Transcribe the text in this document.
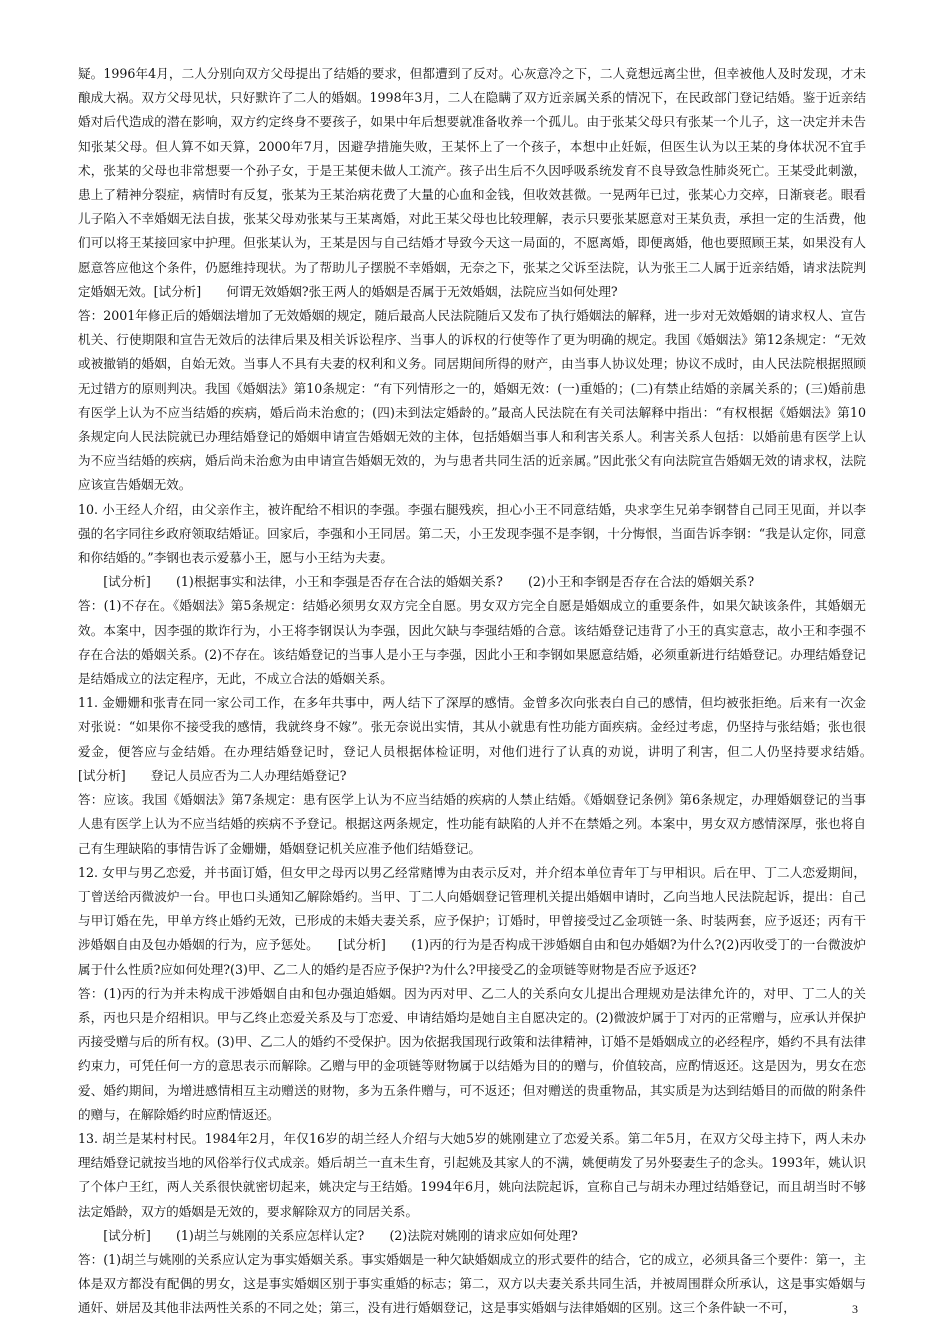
疑。1996年4月，二人分别向双方父母提出了结婚的要求，但都遭到了反对。心灰意冷之下，二人竟想远离尘世，但幸被他人及时发现，才未酿成大祸。双方父母见状，只好默许了二人的婚姻。1998年3月，二人在隐瞒了双方近亲属关系的情况下，在民政部门登记结婚。鉴于近亲结婚对后代造成的潜在影响，双方约定终身不要孩子，如果中年后想要就准备收养一个孤儿。由于张某父母只有张某一个儿子，这一决定并未告知张某父母。但人算不如天算，2000年7月，因避孕措施失败，王某怀上了一个孩子，本想中止妊娠，但医生认为以王某的身体状况不宜手术，张某的父母也非常想要一个孙子女，于是王某便未做人工流产。孩子出生后不久因呼吸系统发育不良导致急性肺炎死亡。王某受此刺激，患上了精神分裂症，病情时有反复，张某为王某治病花费了大量的心血和金钱，但收效甚微。一晃两年已过，张某心力交瘁，日渐衰老。眼看儿子陷入不幸婚姻无法自拔，张某父母劝张某与王某离婚，对此王某父母也比较理解，表示只要张某愿意对王某负责，承担一定的生活费，他们可以将王某接回家中护理。但张某认为，王某是因与自己结婚才导致今天这一局面的，不愿离婚，即便离婚，他也要照顾王某，如果没有人愿意答应他这个条件，仍愿维持现状。为了帮助儿子摆脱不幸婚姻，无奈之下，张某之父诉至法院，认为张王二人属于近亲结婚，请求法院判定婚姻无效。[试分析]　　何谓无效婚姻?张王两人的婚姻是否属于无效婚姻，法院应当如何处理?

答：2001年修正后的婚姻法增加了无效婚姻的规定，随后最高人民法院随后又发布了执行婚姻法的解释，进一步对无效婚姻的请求权人、宣告机关、行使期限和宣告无效后的法律后果及相关诉讼程序、当事人的诉权的行使等作了更为明确的规定。我国《婚姻法》第12条规定：“无效或被撤销的婚姻，自始无效。当事人不具有夫妻的权利和义务。同居期间所得的财产，由当事人协议处理；协议不成时，由人民法院根据照顾无过错方的原则判决。我国《婚姻法》第10条规定：“有下列情形之一的，婚姻无效：(一)重婚的；(二)有禁止结婚的亲属关系的；(三)婚前患有医学上认为不应当结婚的疾病，婚后尚未治愈的；(四)未到法定婚龄的。”最高人民法院在有关司法解释中指出：“有权根据《婚姻法》第10条规定向人民法院就已办理结婚登记的婚姻申请宣告婚姻无效的主体，包括婚姻当事人和利害关系人。利害关系人包括：以婚前患有医学上认为不应当结婚的疾病，婚后尚未治愈为由申请宣告婚姻无效的，为与患者共同生活的近亲属。”因此张父有向法院宣告婚姻无效的请求权，法院应该宣告婚姻无效。

10. 小王经人介绍，由父亲作主，被许配给不相识的李强。李强右腿残疾，担心小王不同意结婚，央求孪生兄弟李钢替自己同王见面，并以李强的名字同往乡政府领取结婚证。回家后，李强和小王同居。第二天，小王发现李强不是李钢，十分悔恨，当面告诉李钢：“我是认定你，同意和你结婚的。”李钢也表示爱慕小王，愿与小王结为夫妻。

[试分析]　　(1)根据事实和法律，小王和李强是否存在合法的婚姻关系?　　(2)小王和李钢是否存在合法的婚姻关系?

答：(1)不存在。《婚姻法》第5条规定：结婚必须男女双方完全自愿。男女双方完全自愿是婚姻成立的重要条件，如果欠缺该条件，其婚姻无效。本案中，因李强的欺诈行为，小王将李钢误认为李强，因此欠缺与李强结婚的合意。该结婚登记违背了小王的真实意志，故小王和李强不存在合法的婚姻关系。(2)不存在。该结婚登记的当事人是小王与李强，因此小王和李钢如果愿意结婚，必须重新进行结婚登记。办理结婚登记是结婚成立的法定程序，无此，不成立合法的婚姻关系。

11. 金姗姗和张青在同一家公司工作，在多年共事中，两人结下了深厚的感情。金曾多次向张表白自己的感情，但均被张拒绝。后来有一次金对张说：“如果你不接受我的感情，我就终身不嫁”。张无奈说出实情，其从小就患有性功能方面疾病。金经过考虑，仍坚持与张结婚；张也很爱金，便答应与金结婚。在办理结婚登记时，登记人员根据体检证明，对他们进行了认真的劝说，讲明了利害，但二人仍坚持要求结婚。　　[试分析]　　登记人员应否为二人办理结婚登记?

答：应该。我国《婚姻法》第7条规定：患有医学上认为不应当结婚的疾病的人禁止结婚。《婚姻登记条例》第6条规定，办理婚姻登记的当事人患有医学上认为不应当结婚的疾病不予登记。根据这两条规定，性功能有缺陷的人并不在禁婚之列。本案中，男女双方感情深厚，张也将自己有生理缺陷的事情告诉了金姗姗，婚姻登记机关应准予他们结婚登记。

12. 女甲与男乙恋爱，并书面订婚，但女甲之母丙以男乙经常赌博为由表示反对，并介绍本单位青年丁与甲相识。后在甲、丁二人恋爱期间，丁曾送给丙微波炉一台。甲也口头通知乙解除婚约。当甲、丁二人向婚姻登记管理机关提出婚姻申请时，乙向当地人民法院起诉，提出：自己与甲订婚在先，甲单方终止婚约无效，已形成的未婚夫妻关系，应予保护；订婚时，甲曾接受过乙金项链一条、时装两套，应予返还；丙有干涉婚姻自由及包办婚姻的行为，应予惩处。　　[试分析]　　(1)丙的行为是否构成干涉婚姻自由和包办婚姻?为什么?(2)丙收受丁的一台微波炉属于什么性质?应如何处理?(3)甲、乙二人的婚约是否应予保护?为什么?甲接受乙的金项链等财物是否应予返还?

答：(1)丙的行为并未构成干涉婚姻自由和包办强迫婚姻。因为丙对甲、乙二人的关系向女儿提出合理规劝是法律允许的，对甲、丁二人的关系，丙也只是介绍相识。甲与乙终止恋爱关系及与丁恋爱、申请结婚均是她自主自愿决定的。(2)微波炉属于丁对丙的正常赠与，应承认并保护丙接受赠与后的所有权。(3)甲、乙二人的婚约不受保护。因为依据我国现行政策和法律精神，订婚不是婚姻成立的必经程序，婚约不具有法律约束力，可凭任何一方的意思表示而解除。乙赠与甲的金项链等财物属于以结婚为目的的赠与，价值较高，应酌情返还。这是因为，男女在恋爱、婚约期间，为增进感情相互主动赠送的财物，多为五条件赠与，可不返还；但对赠送的贵重物品，其实质是为达到结婚目的而做的附条件的赠与，在解除婚约时应酌情返还。

13. 胡兰是某村村民。1984年2月，年仅16岁的胡兰经人介绍与大她5岁的姚刚建立了恋爱关系。第二年5月，在双方父母主持下，两人未办理结婚登记就按当地的风俗举行仪式成亲。婚后胡兰一直未生育，引起姚及其家人的不满，姚便萌发了另外娶妻生子的念头。1993年，姚认识了个体户王红，两人关系很快就密切起来，姚决定与王结婚。1994年6月，姚向法院起诉，宣称自己与胡未办理过结婚登记，而且胡当时不够法定婚龄，双方的婚姻是无效的，要求解除双方的同居关系。

[试分析]　　(1)胡兰与姚刚的关系应怎样认定?　　(2)法院对姚刚的请求应如何处理?

答：(1)胡兰与姚刚的关系应认定为事实婚姻关系。事实婚姻是一种欠缺婚姻成立的形式要件的结合，它的成立，必须具备三个要件：第一，主体是双方都没有配偶的男女，这是事实婚姻区别于事实重婚的标志；第二，双方以夫妻关系共同生活，并被周围群众所承认，这是事实婚姻与通奸、姘居及其他非法两性关系的不同之处；第三，没有进行婚姻登记，这是事实婚姻与法律婚姻的区别。这三个条件缺一不可，	3
